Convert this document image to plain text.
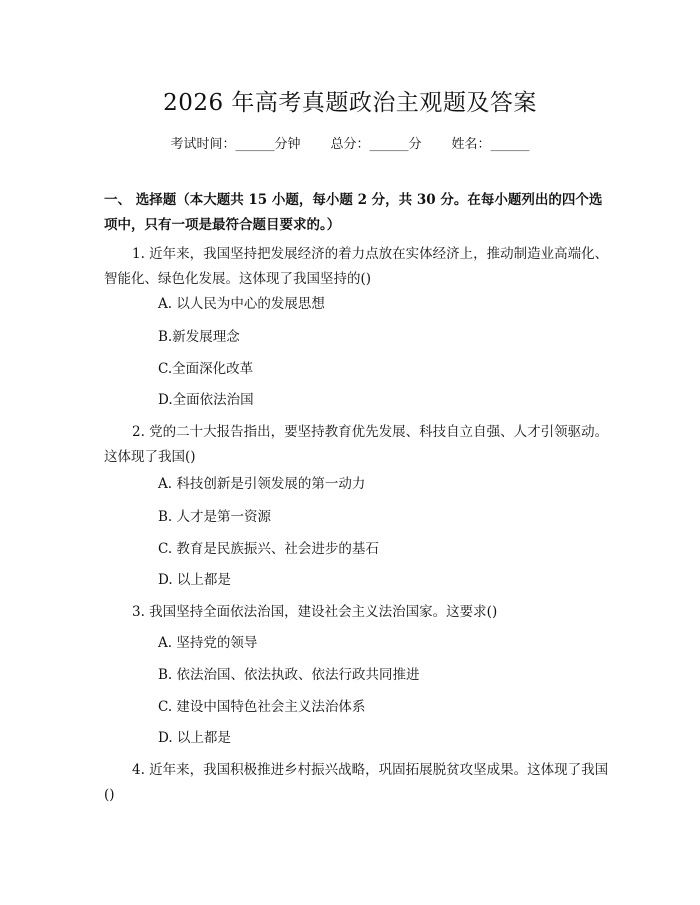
2026 年高考真题政治主观题及答案
考试时间：______分钟 总分：______分 姓名：______
一、 选择题（本大题共 15 小题，每小题 2 分，共 30 分。在每小题列出的四个选项中，只有一项是最符合题目要求的。）
1. 近年来，我国坚持把发展经济的着力点放在实体经济上，推动制造业高端化、智能化、绿色化发展。这体现了我国坚持的()
A. 以人民为中心的发展思想
B.新发展理念
C.全面深化改革
D.全面依法治国
2. 党的二十大报告指出，要坚持教育优先发展、科技自立自强、人才引领驱动。这体现了我国()
A. 科技创新是引领发展的第一动力
B. 人才是第一资源
C. 教育是民族振兴、社会进步的基石
D. 以上都是
3. 我国坚持全面依法治国，建设社会主义法治国家。这要求()
A. 坚持党的领导
B. 依法治国、依法执政、依法行政共同推进
C. 建设中国特色社会主义法治体系
D. 以上都是
4. 近年来，我国积极推进乡村振兴战略，巩固拓展脱贫攻坚成果。这体现了我国()
